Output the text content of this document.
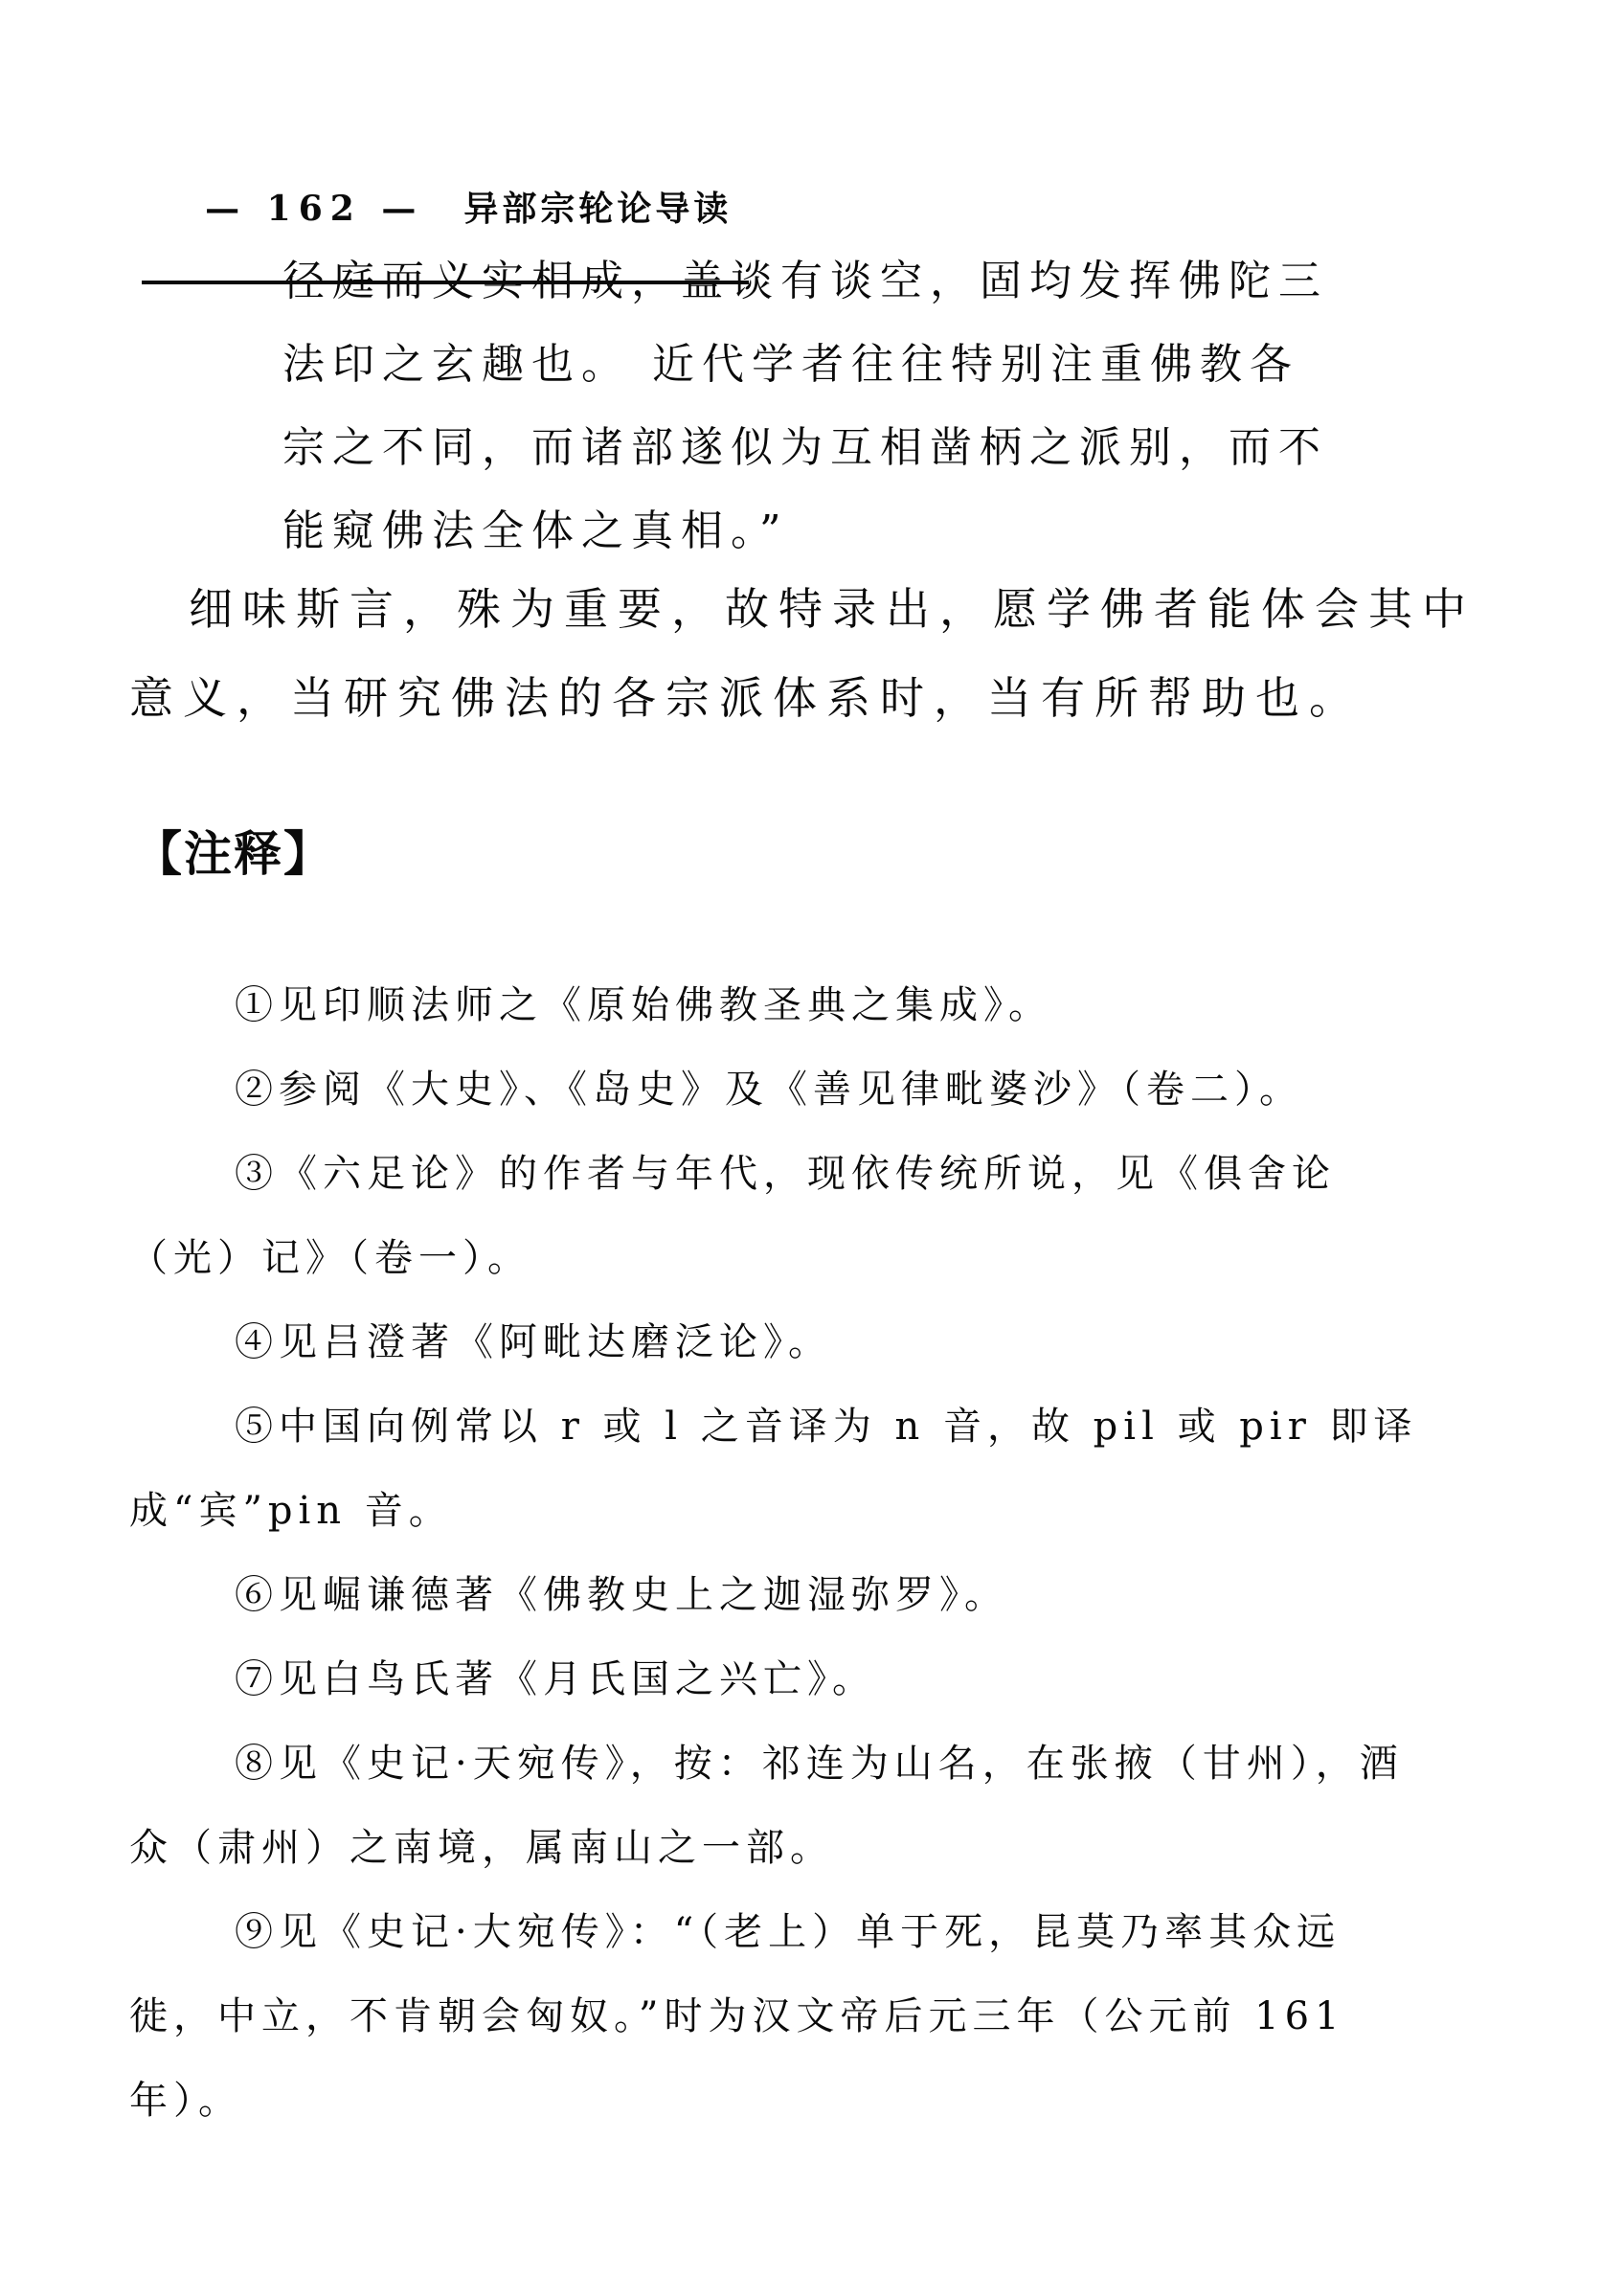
— 162 — 异部宗轮论导读

径庭而义实相成，盖谈有谈空，固均发挥佛陀三
法印之玄趣也。 近代学者往往特别注重佛教各
宗之不同，而诸部遂似为互相凿柄之派别，而不
能窥佛法全体之真相。”
细味斯言，殊为重要，故特录出，愿学佛者能体会其中
意义，当研究佛法的各宗派体系时，当有所帮助也。
【注释】
①见印顺法师之《原始佛教圣典之集成》。
②参阅《大史》、《岛史》及《善见律毗婆沙》（卷二）。
③《六足论》的作者与年代，现依传统所说，见《俱舍论
（光）记》（卷一）。
④见吕澄著《阿毗达磨泛论》。
⑤中国向例常以 r 或 l 之音译为 n 音，故 pil 或 pir 即译
成“宾”pin 音。
⑥见崛谦德著《佛教史上之迦湿弥罗》。
⑦见白鸟氏著《月氏国之兴亡》。
⑧见《史记·天宛传》，按：祁连为山名，在张掖（甘州），酒
众（肃州）之南境，属南山之一部。
⑨见《史记·大宛传》：“（老上）单于死，昆莫乃率其众远
徙，中立，不肯朝会匈奴。”时为汉文帝后元三年（公元前 161
年）。
